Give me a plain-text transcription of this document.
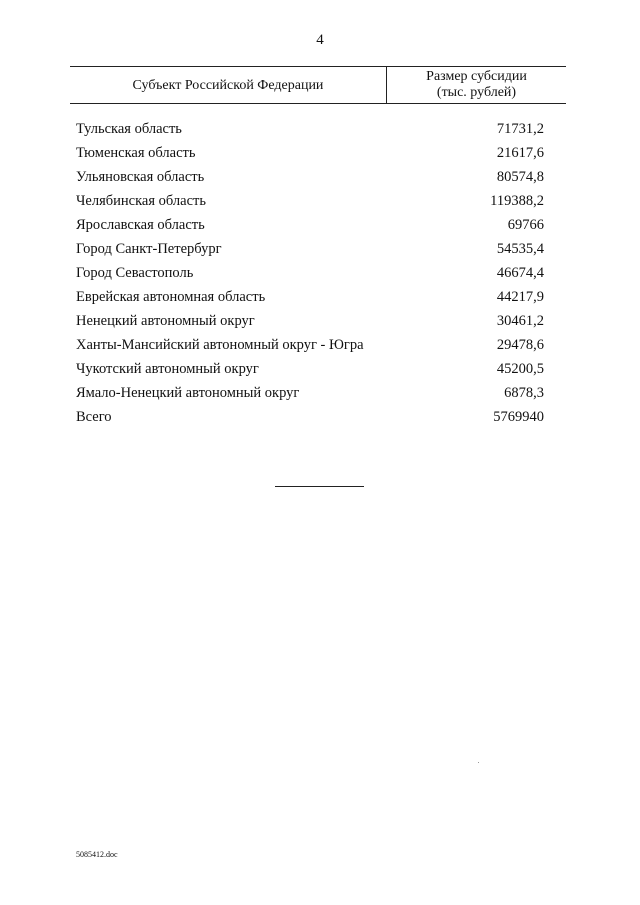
4
Субъект Российской Федерации
Размер субсидии
(тыс. рублей)
Тульская область	71731,2
Тюменская область	21617,6
Ульяновская область	80574,8
Челябинская область	119388,2
Ярославская область	69766
Город Санкт-Петербург	54535,4
Город Севастополь	46674,4
Еврейская автономная область	44217,9
Ненецкий автономный округ	30461,2
Ханты-Мансийский автономный округ - Югра	29478,6
Чукотский автономный округ	45200,5
Ямало-Ненецкий автономный округ	6878,3
Всего	5769940
5085412.doc
